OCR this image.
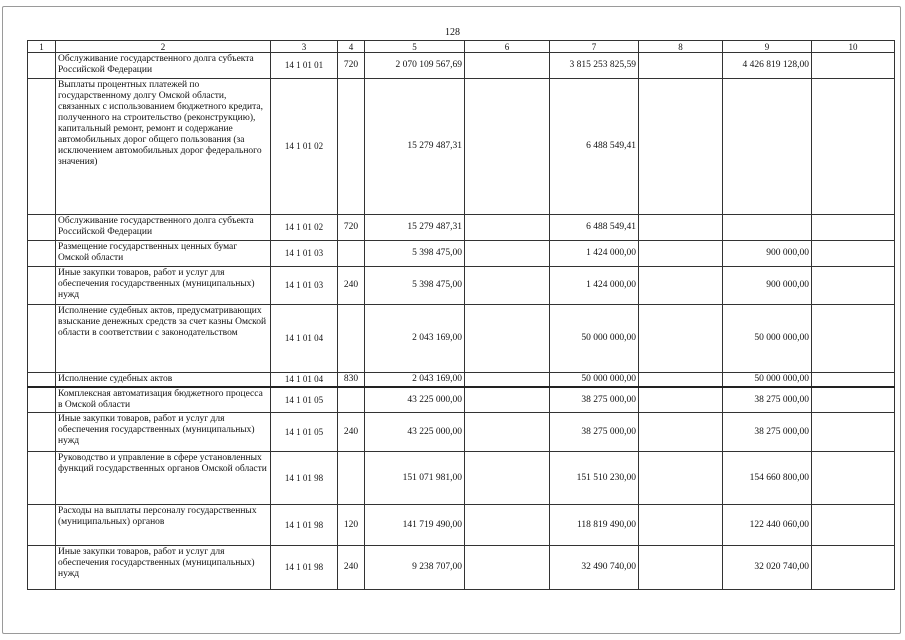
128
1	2	3	4	5	6	7	8	9	10
	Обслуживание государственного долга субъекта Российской Федерации	14 1 01 01	720	2 070 109 567,69		3 815 253 825,59		4 426 819 128,00	
	Выплаты процентных платежей по государственному долгу Омской области, связанных с использованием бюджетного кредита, полученного на строительство (реконструкцию), капитальный ремонт, ремонт и содержание автомобильных дорог общего пользования (за исключением автомобильных дорог федерального значения)	14 1 01 02		15 279 487,31		6 488 549,41			
	Обслуживание государственного долга субъекта Российской Федерации	14 1 01 02	720	15 279 487,31		6 488 549,41			
	Размещение государственных ценных бумаг Омской области	14 1 01 03		5 398 475,00		1 424 000,00		900 000,00	
	Иные закупки товаров, работ и услуг для обеспечения государственных (муниципальных) нужд	14 1 01 03	240	5 398 475,00		1 424 000,00		900 000,00	
	Исполнение судебных актов, предусматривающих взыскание денежных средств за счет казны Омской области в соответствии с законодательством	14 1 01 04		2 043 169,00		50 000 000,00		50 000 000,00	
	Исполнение судебных актов	14 1 01 04	830	2 043 169,00		50 000 000,00		50 000 000,00	
	Комплексная автоматизация бюджетного процесса в Омской области	14 1 01 05		43 225 000,00		38 275 000,00		38 275 000,00	
	Иные закупки товаров, работ и услуг для обеспечения государственных (муниципальных) нужд	14 1 01 05	240	43 225 000,00		38 275 000,00		38 275 000,00	
	Руководство и управление в сфере установленных функций государственных органов Омской области	14 1 01 98		151 071 981,00		151 510 230,00		154 660 800,00	
	Расходы на выплаты персоналу государственных (муниципальных) органов	14 1 01 98	120	141 719 490,00		118 819 490,00		122 440 060,00	
	Иные закупки товаров, работ и услуг для обеспечения государственных (муниципальных) нужд	14 1 01 98	240	9 238 707,00		32 490 740,00		32 020 740,00	
